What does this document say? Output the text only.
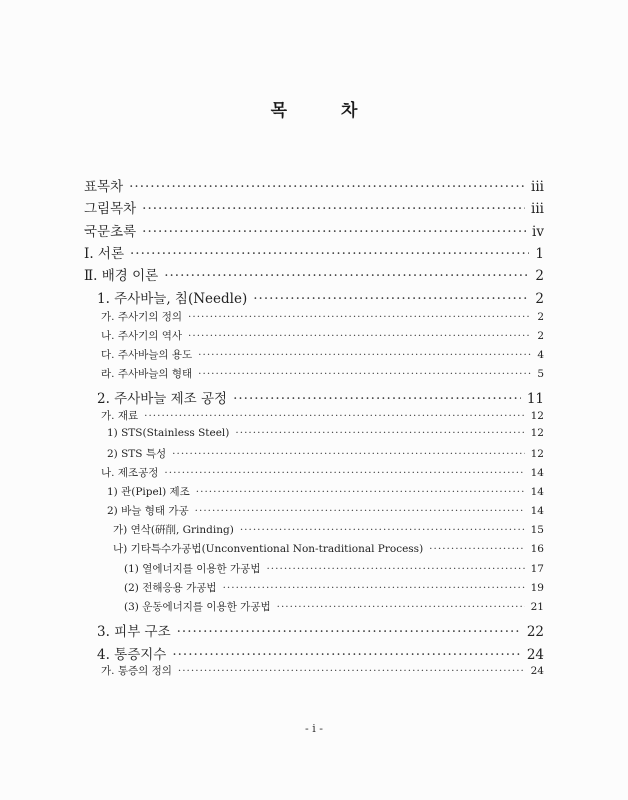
목 차
표목차 ·····	iii
그림목차 ·····	iii
국문초록 ·····	iv
Ⅰ. 서론 ·····	1
Ⅱ. 배경 이론 ·····	2
1. 주사바늘, 침(Needle) ·····	2
가. 주사기의 정의 ·····	2
나. 주사기의 역사 ·····	2
다. 주사바늘의 용도 ·····	4
라. 주사바늘의 형태 ·····	5
2. 주사바늘 제조 공정 ·····	11
가. 재료 ·····	12
1) STS(Stainless Steel) ·····	12
2) STS 특성 ·····	12
나. 제조공정 ·····	14
1) 관(Pipel) 제조 ·····	14
2) 바늘 형태 가공 ·····	14
가) 연삭(硏削, Grinding) ·····	15
나) 기타특수가공법(Unconventional Non-traditional Process) ·····	16
(1) 열에너지를 이용한 가공법 ·····	17
(2) 전해응용 가공법 ·····	19
(3) 운동에너지를 이용한 가공법 ·····	21
3. 피부 구조 ·····	22
4. 통증지수 ·····	24
가. 통증의 정의 ·····	24
- i -
